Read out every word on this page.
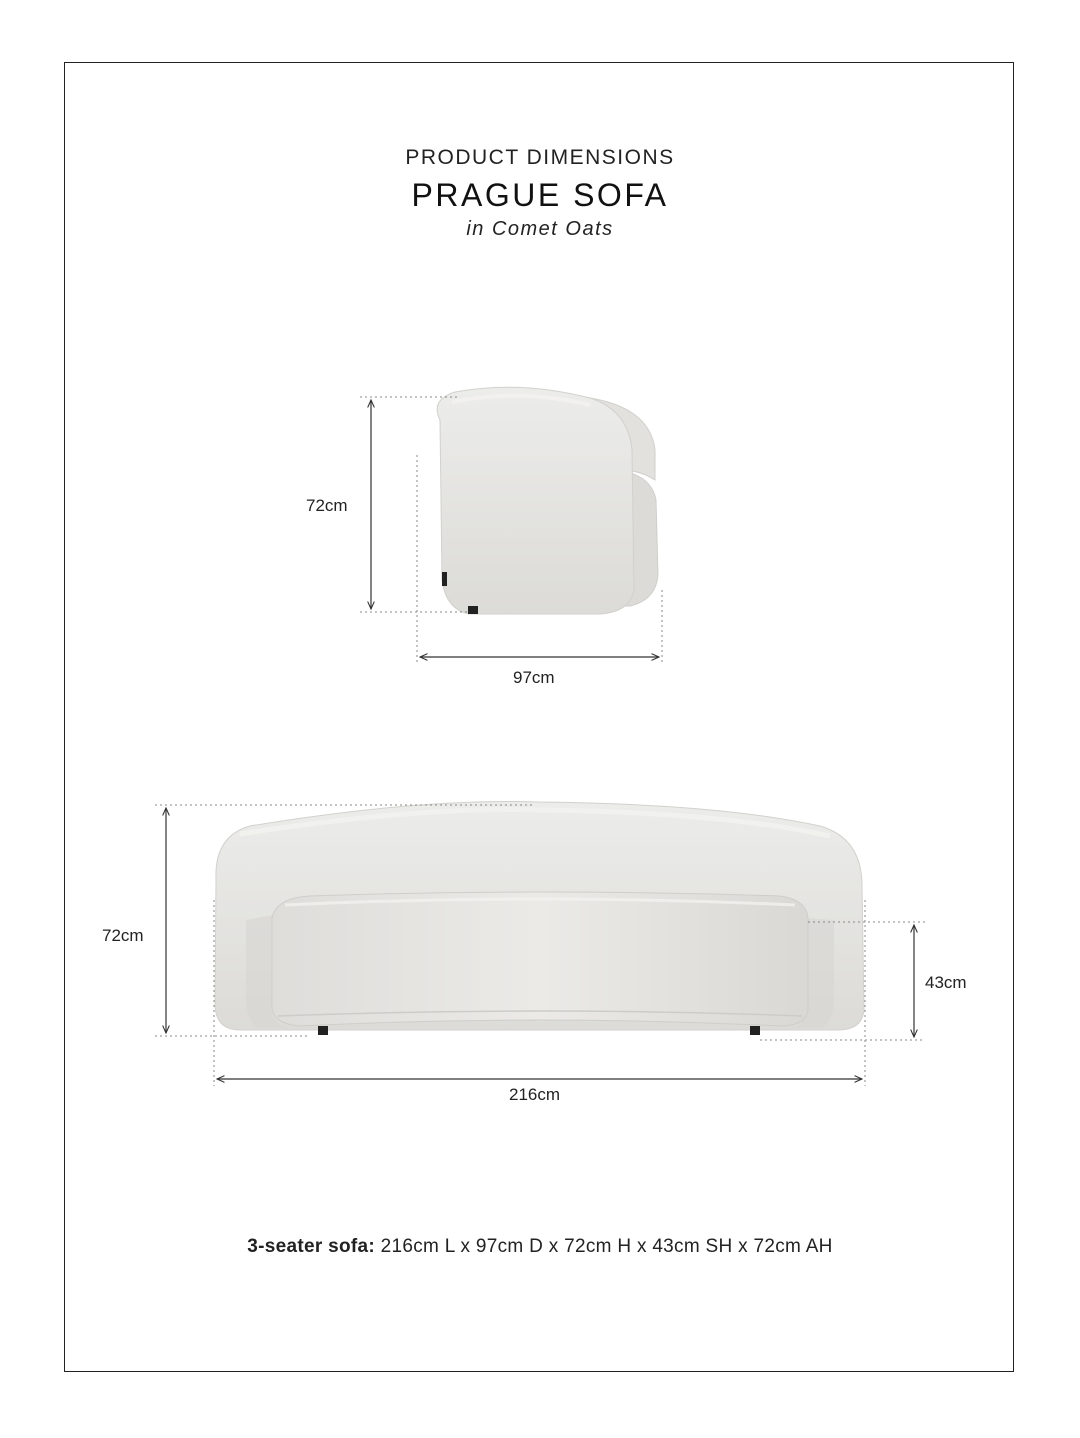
PRODUCT DIMENSIONS
PRAGUE SOFA
in Comet Oats
72cm
97cm
72cm
43cm
216cm
3-seater sofa: 216cm L x 97cm D x 72cm H x 43cm SH x 72cm AH
